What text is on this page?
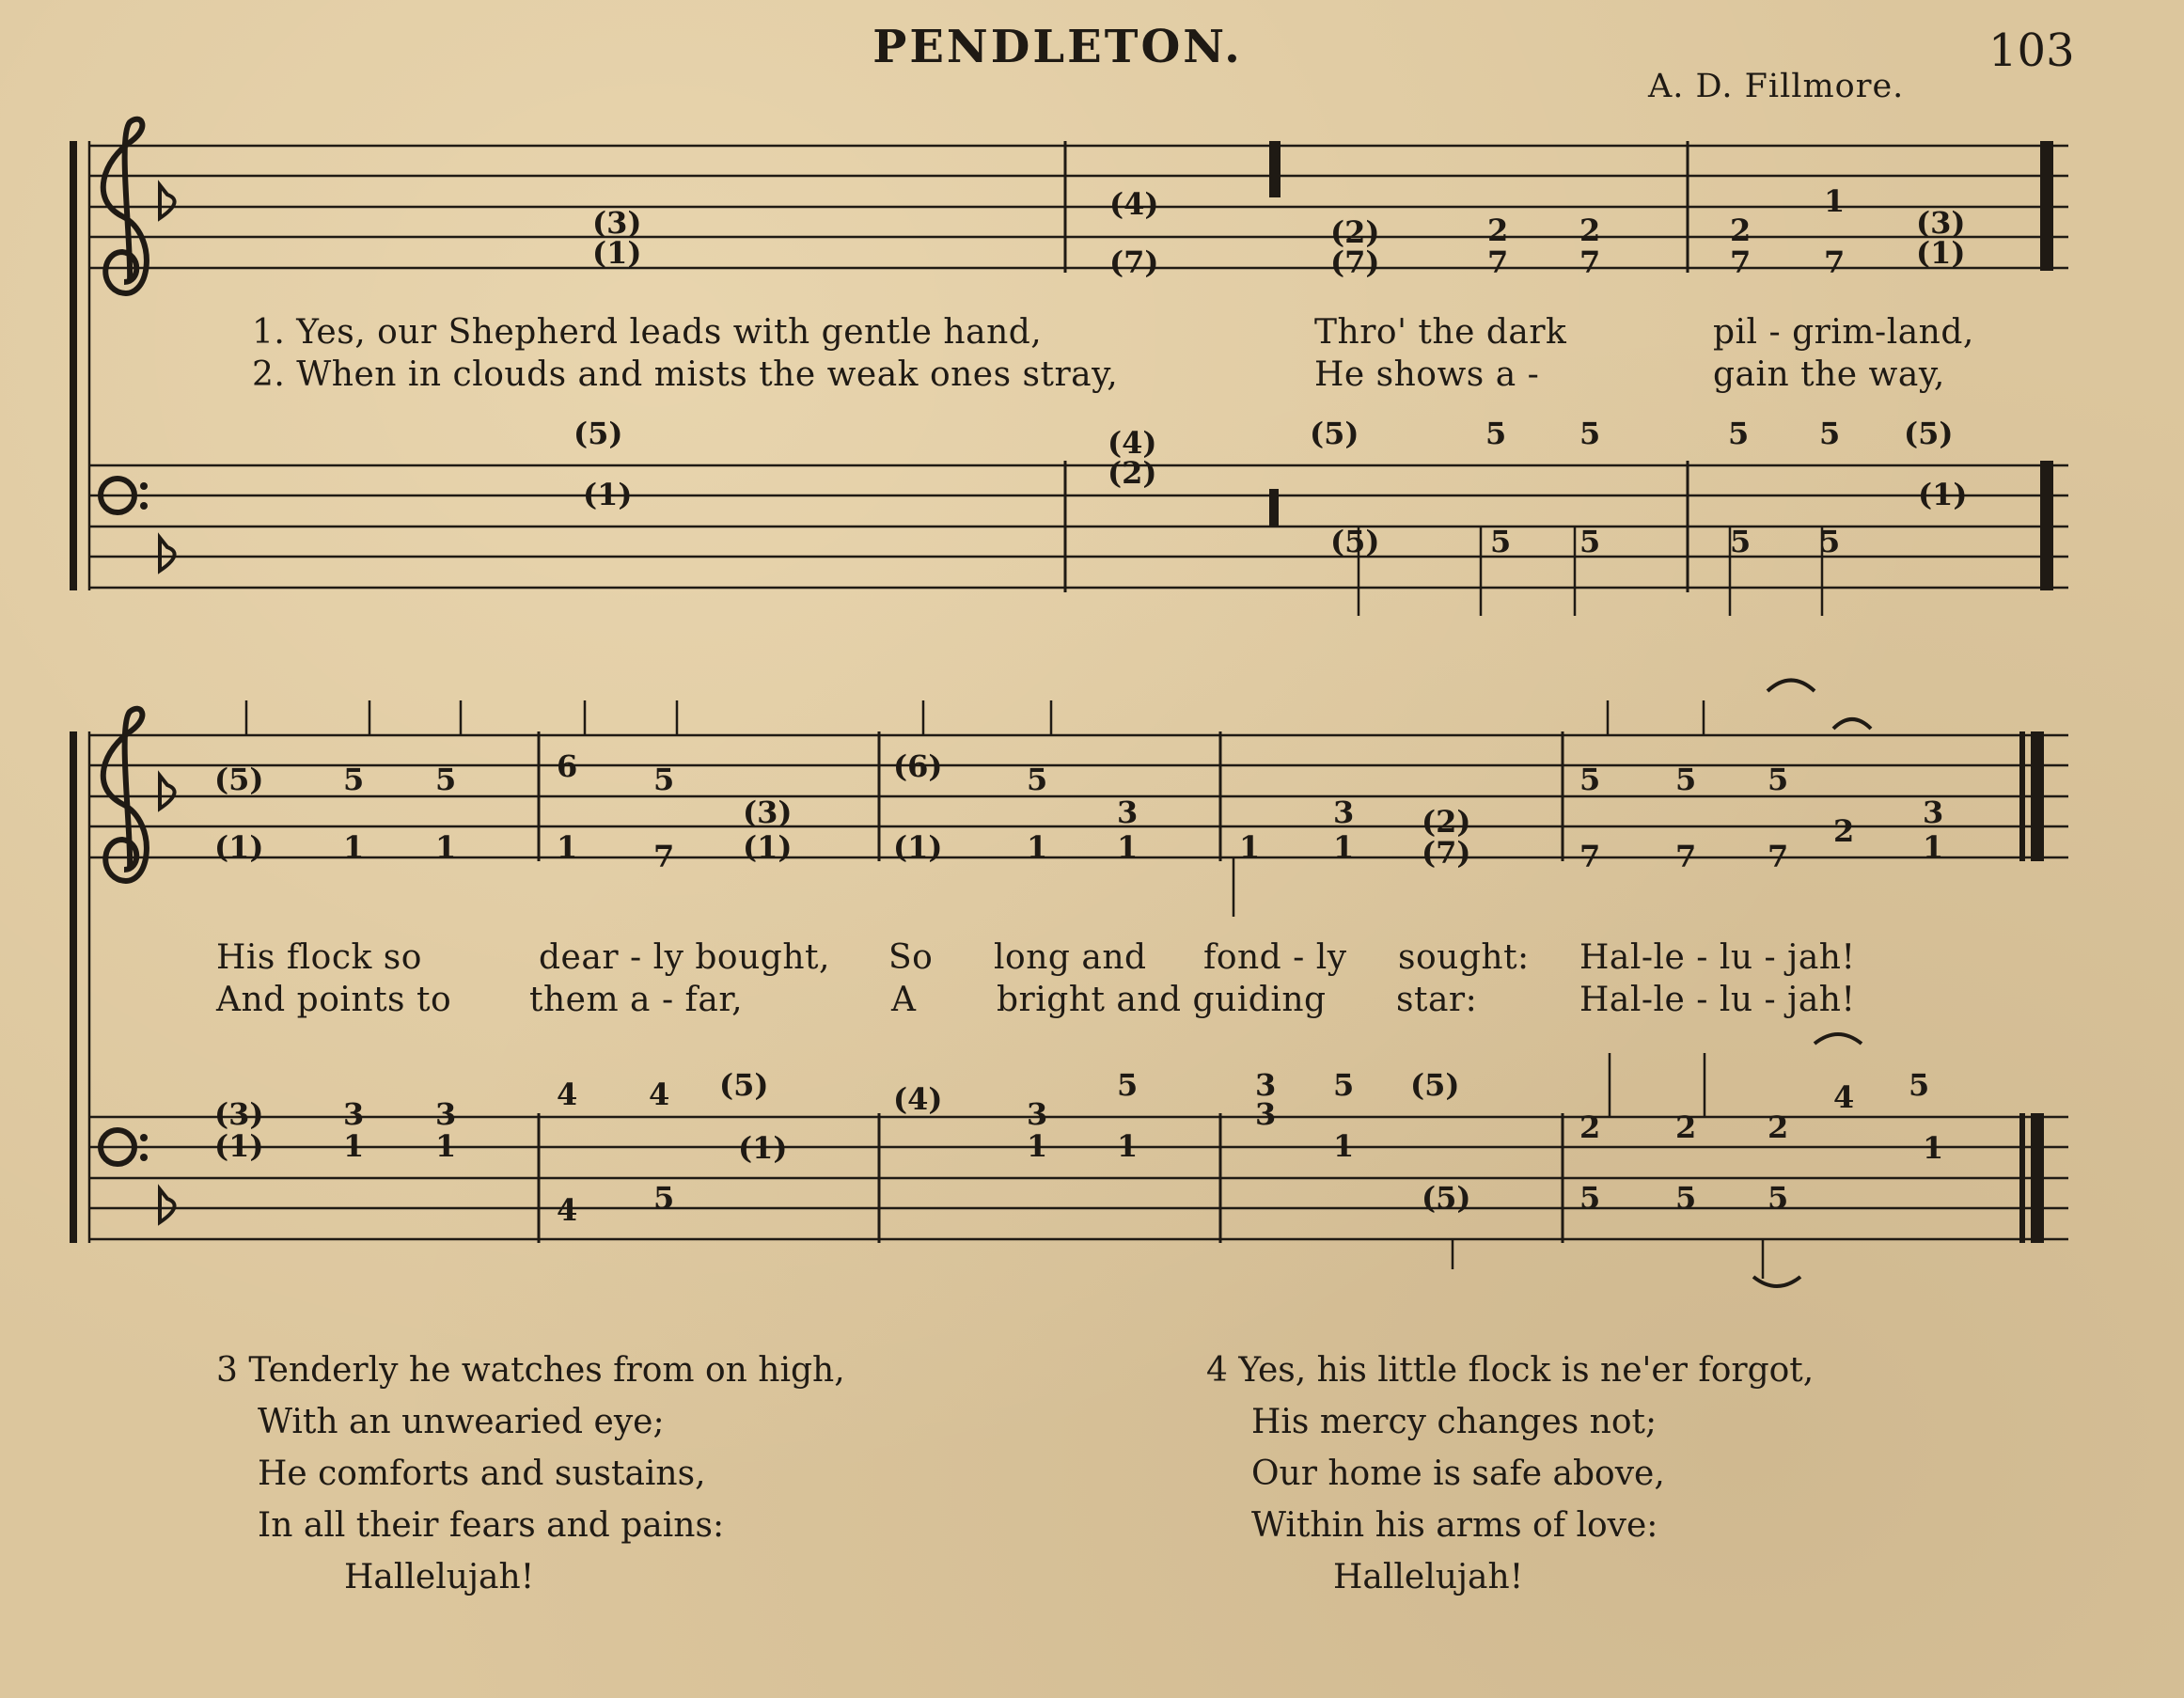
PENDLETON.	103
A. D. Fillmore.
(3)
(1)
(4)
(7)
(2)
(7)
2
7
2
7
2
7
1
7
(3)
(1)
(5)
(1)
(4)
(2)
(5)
(5)
5
5
5
5
5
5
5
5
(5)
(1)
(5)
(1)
5
1
5
1
6
1
5
7
(3)
(1)
(6)
(1)
5
1
3
1	1
3
1
(2)
(7)
5
7
5
7
5
7
2
3
1
(3)
(1)
3
1
3
1
4 4
4	5
(5)
(1)
(4)	3
1
5
1
3
3
5
1
(5)
(5)
2
5
2
5
2
5
4 5
1
1. Yes, our Shepherd leads with gentle hand,	Thro' the dark	pil - grim-land,
2. When in clouds and mists the weak ones stray,	He shows a -	gain the way,
His flock so	dear - ly bought, So long and fond - ly sought: Hal-le - lu - jah!
And points to them a - far,	A bright and guiding star:	Hal-le - lu - jah!
3 Tenderly he watches from on high,
With an unwearied eye;
He comforts and sustains,
In all their fears and pains:
Hallelujah!
4 Yes, his little flock is ne'er forgot,
His mercy changes not;
Our home is safe above,
Within his arms of love:
Hallelujah!
